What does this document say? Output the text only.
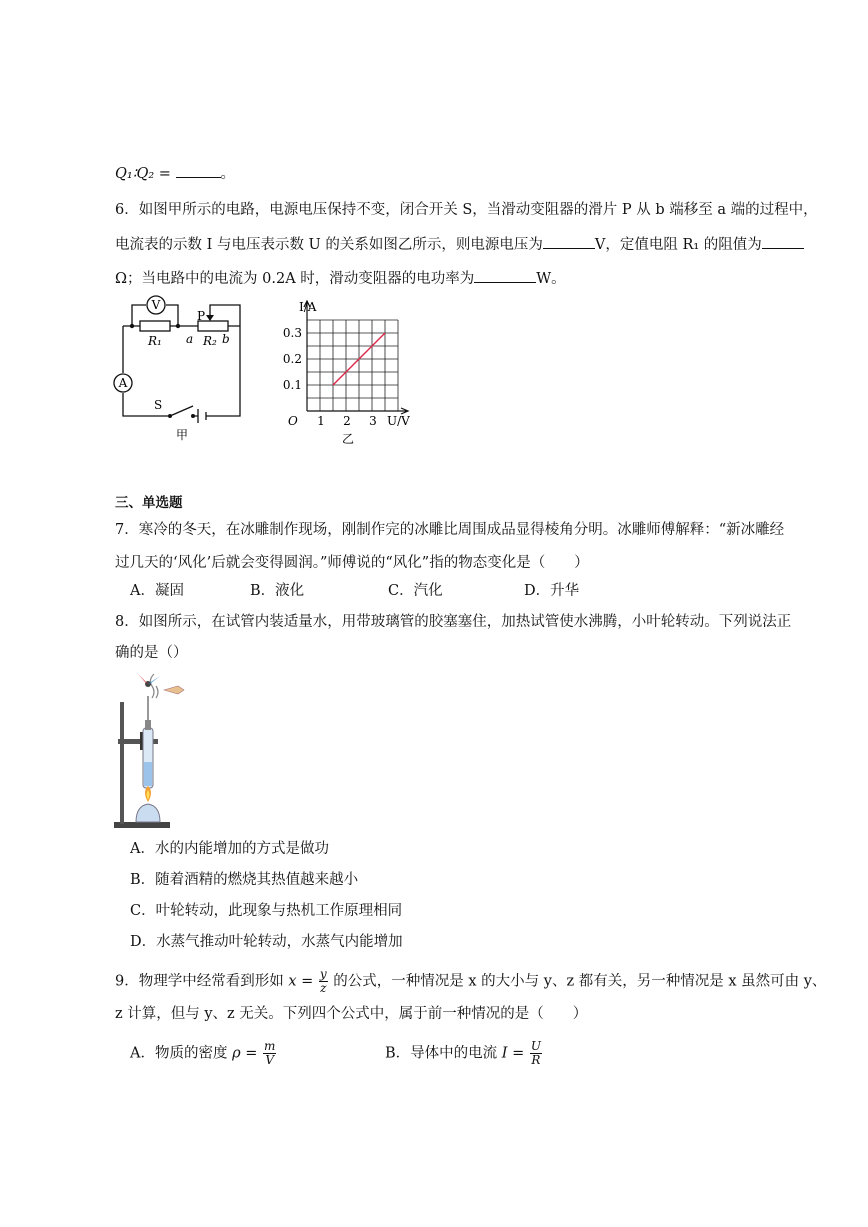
Q₁∶Q₂ =	。
6．如图甲所示的电路，电源电压保持不变，闭合开关 S，当滑动变阻器的滑片 P 从 b 端移至 a 端的过程中，
电流表的示数 I 与电压表示数 U 的关系如图乙所示，则电源电压为	V，定值电阻 R₁ 的阻值为
Ω；当电路中的电流为 0.2A 时，滑动变阻器的电功率为	W。
V
A
P
R₁ a R₂ b
S
甲
I/A
U/V
O 1 2 3
0.1
0.2
0.3
乙
三、单选题
7．寒冷的冬天，在冰雕制作现场，刚制作完的冰雕比周围成品显得棱角分明。冰雕师傅解释：“新冰雕经
过几天的‘风化’后就会变得圆润。”师傅说的“风化”指的物态变化是（　　）
A．凝固	B．液化	C．汽化	D．升华
8．如图所示，在试管内装适量水，用带玻璃管的胶塞塞住，加热试管使水沸腾，小叶轮转动。下列说法正
确的是（）
A．水的内能增加的方式是做功
B．随着酒精的燃烧其热值越来越小
C．叶轮转动，此现象与热机工作原理相同
D．水蒸气推动叶轮转动，水蒸气内能增加
9．物理学中经常看到形如 $x = \frac{y}{z}$ 的公式，一种情况是 x 的大小与 y、z 都有关，另一种情况是 x 虽然可由 y、
z 计算，但与 y、z 无关。下列四个公式中，属于前一种情况的是（　　）
A．物质的密度 $\rho = \frac{m}{V}$	B．导体中的电流 $I = \frac{U}{R}$
